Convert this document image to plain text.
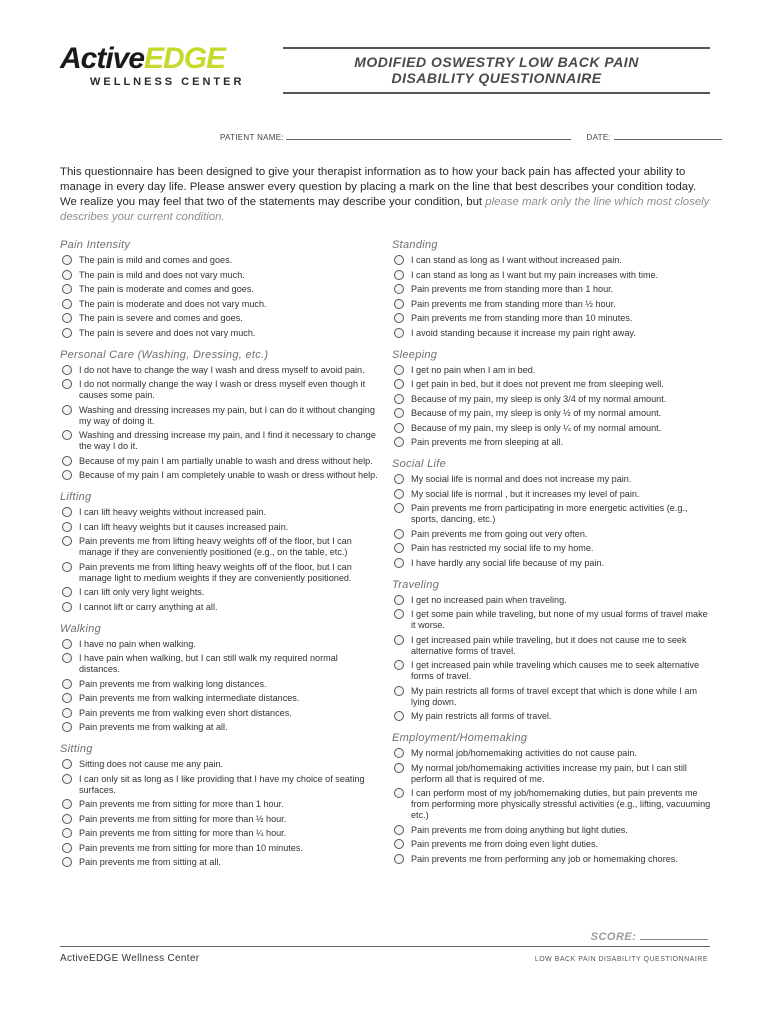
ActiveEDGE
WELLNESS CENTER
MODIFIED OSWESTRY LOW BACK PAIN
DISABILITY QUESTIONNAIRE
PATIENT NAME:	DATE:
This questionnaire has been designed to give your therapist information as to how your back pain has affected your ability to manage in every day life. Please answer every question by placing a mark on the line that best describes your condition today. We realize you may feel that two of the statements may describe your condition, but please mark only the line which most closely describes your current condition.
Pain Intensity
The pain is mild and comes and goes.
The pain is mild and does not vary much.
The pain is moderate and comes and goes.
The pain is moderate and does not vary much.
The pain is severe and comes and goes.
The pain is severe and does not vary much.
Personal Care (Washing, Dressing, etc.)
I do not have to change the way I wash and dress myself to avoid pain.
I do not normally change the way I wash or dress myself even though it causes some pain.
Washing and dressing increases my pain, but I can do it without changing my way of doing it.
Washing and dressing increase my pain, and I find it necessary to change the way I do it.
Because of my pain I am partially unable to wash and dress without help.
Because of my pain I am completely unable to wash or dress without help.
Lifting
I can lift heavy weights without increased pain.
I can lift heavy weights but it causes increased pain.
Pain prevents me from lifting heavy weights off of the floor, but I can manage if they are conveniently positioned (e.g., on the table, etc.)
Pain prevents me from lifting heavy weights off of the floor, but I can manage light to medium weights if they are conveniently positioned.
I can lift only very light weights.
I cannot lift or carry anything at all.
Walking
I have no pain when walking.
I have pain when walking, but I can still walk my required normal distances.
Pain prevents me from walking long distances.
Pain prevents me from walking intermediate distances.
Pain prevents me from walking even short distances.
Pain prevents me from walking at all.
Sitting
Sitting does not cause me any pain.
I can only sit as long as I like providing that I have my choice of seating surfaces.
Pain prevents me from sitting for more than 1 hour.
Pain prevents me from sitting for more than ½ hour.
Pain prevents me from sitting for more than ¼ hour.
Pain prevents me from sitting for more than 10 minutes.
Pain prevents me from sitting at all.
Standing
I can stand as long as I want without increased pain.
I can stand as long as I want but my pain increases with time.
Pain prevents me from standing more than 1 hour.
Pain prevents me from standing more than ½ hour.
Pain prevents me from standing more than 10 minutes.
I avoid standing because it increase my pain right away.
Sleeping
I get no pain when I am in bed.
I get pain in bed, but it does not prevent me from sleeping well.
Because of my pain, my sleep is only 3/4 of my normal amount.
Because of my pain, my sleep is only ½ of my normal amount.
Because of my pain, my sleep is only ¼ of my normal amount.
Pain prevents me from sleeping at all.
Social Life
My social life is normal and does not increase my pain.
My social life is normal , but it increases my level of pain.
Pain prevents me from participating in more energetic activities (e.g., sports, dancing, etc.)
Pain prevents me from going out very often.
Pain has restricted my social life to my home.
I have hardly any social life because of my pain.
Traveling
I get no increased pain when traveling.
I get some pain while traveling, but none of my usual forms of travel make it worse.
I get increased pain while traveling, but it does not cause me to seek alternative forms of travel.
I get increased pain while traveling which causes me to seek alternative forms of travel.
My pain restricts all forms of travel except that which is done while I am lying down.
My pain restricts all forms of travel.
Employment/Homemaking
My normal job/homemaking activities do not cause pain.
My normal job/homemaking activities increase my pain, but I can still perform all that is required of me.
I can perform most of my job/homemaking duties, but pain prevents me from performing more physically stressful activities (e.g., lifting, vacuuming etc.)
Pain prevents me from doing anything but light duties.
Pain prevents me from doing even light duties.
Pain prevents me from performing any job or homemaking chores.
SCORE:
ActiveEDGE Wellness Center	LOW BACK PAIN DISABILITY QUESTIONNAIRE
